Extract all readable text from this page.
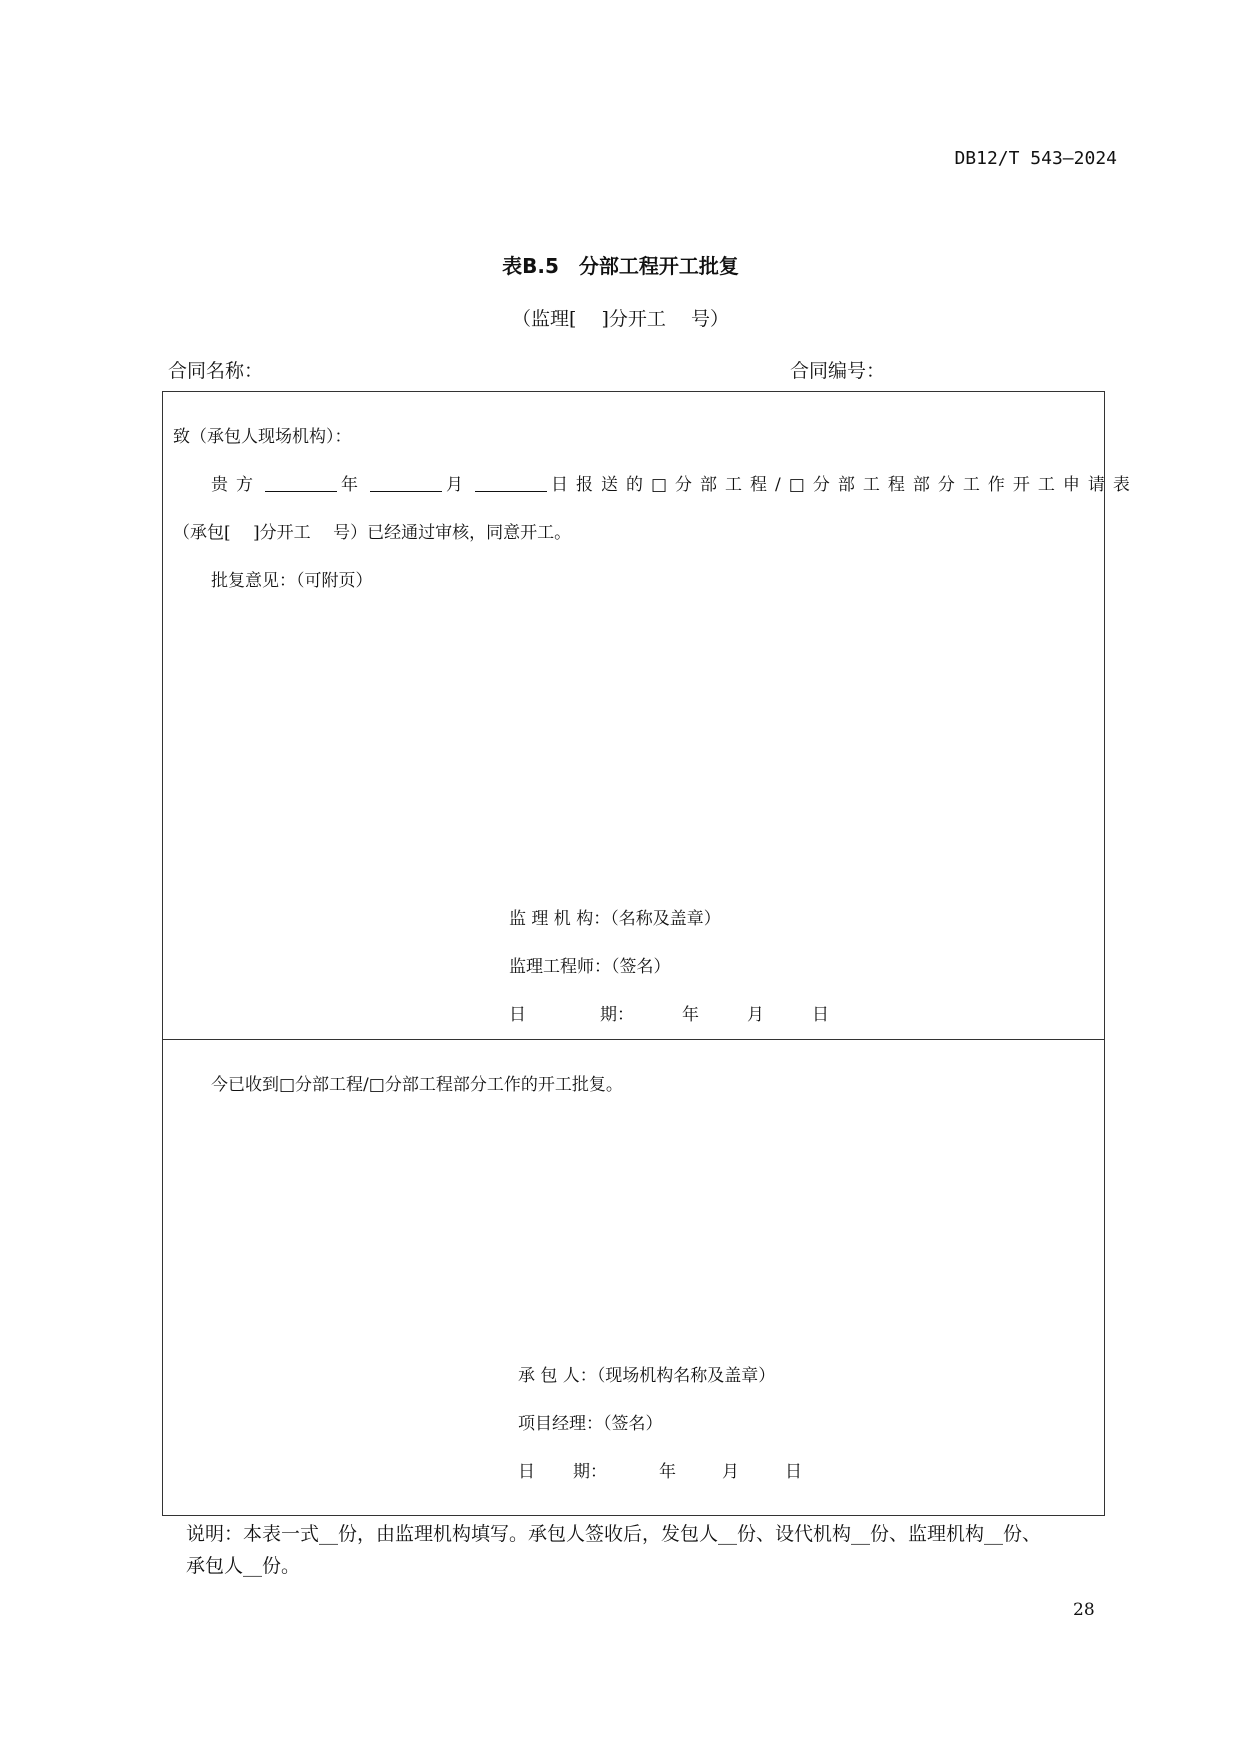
DB12/T 543—2024
表B.5　分部工程开工批复
（监理[　 ]分开工　 号）
合同名称：	合同编号：
致（承包人现场机构）：
贵方	年	月	日报送的□分部工程/□分部工程部分工作开工申请表
（承包[　 ]分开工　 号）已经通过审核，同意开工。
批复意见：（可附页）
监 理 机 构：（名称及盖章）
监理工程师：（签名）
日	期：	年	月	日
今已收到□分部工程/□分部工程部分工作的开工批复。
承 包 人：（现场机构名称及盖章）
项目经理：（签名）
日 期：	年	月	日
说明：本表一式__份，由监理机构填写。承包人签收后，发包人__份、设代机构__份、监理机构__份、
承包人__份。
28
